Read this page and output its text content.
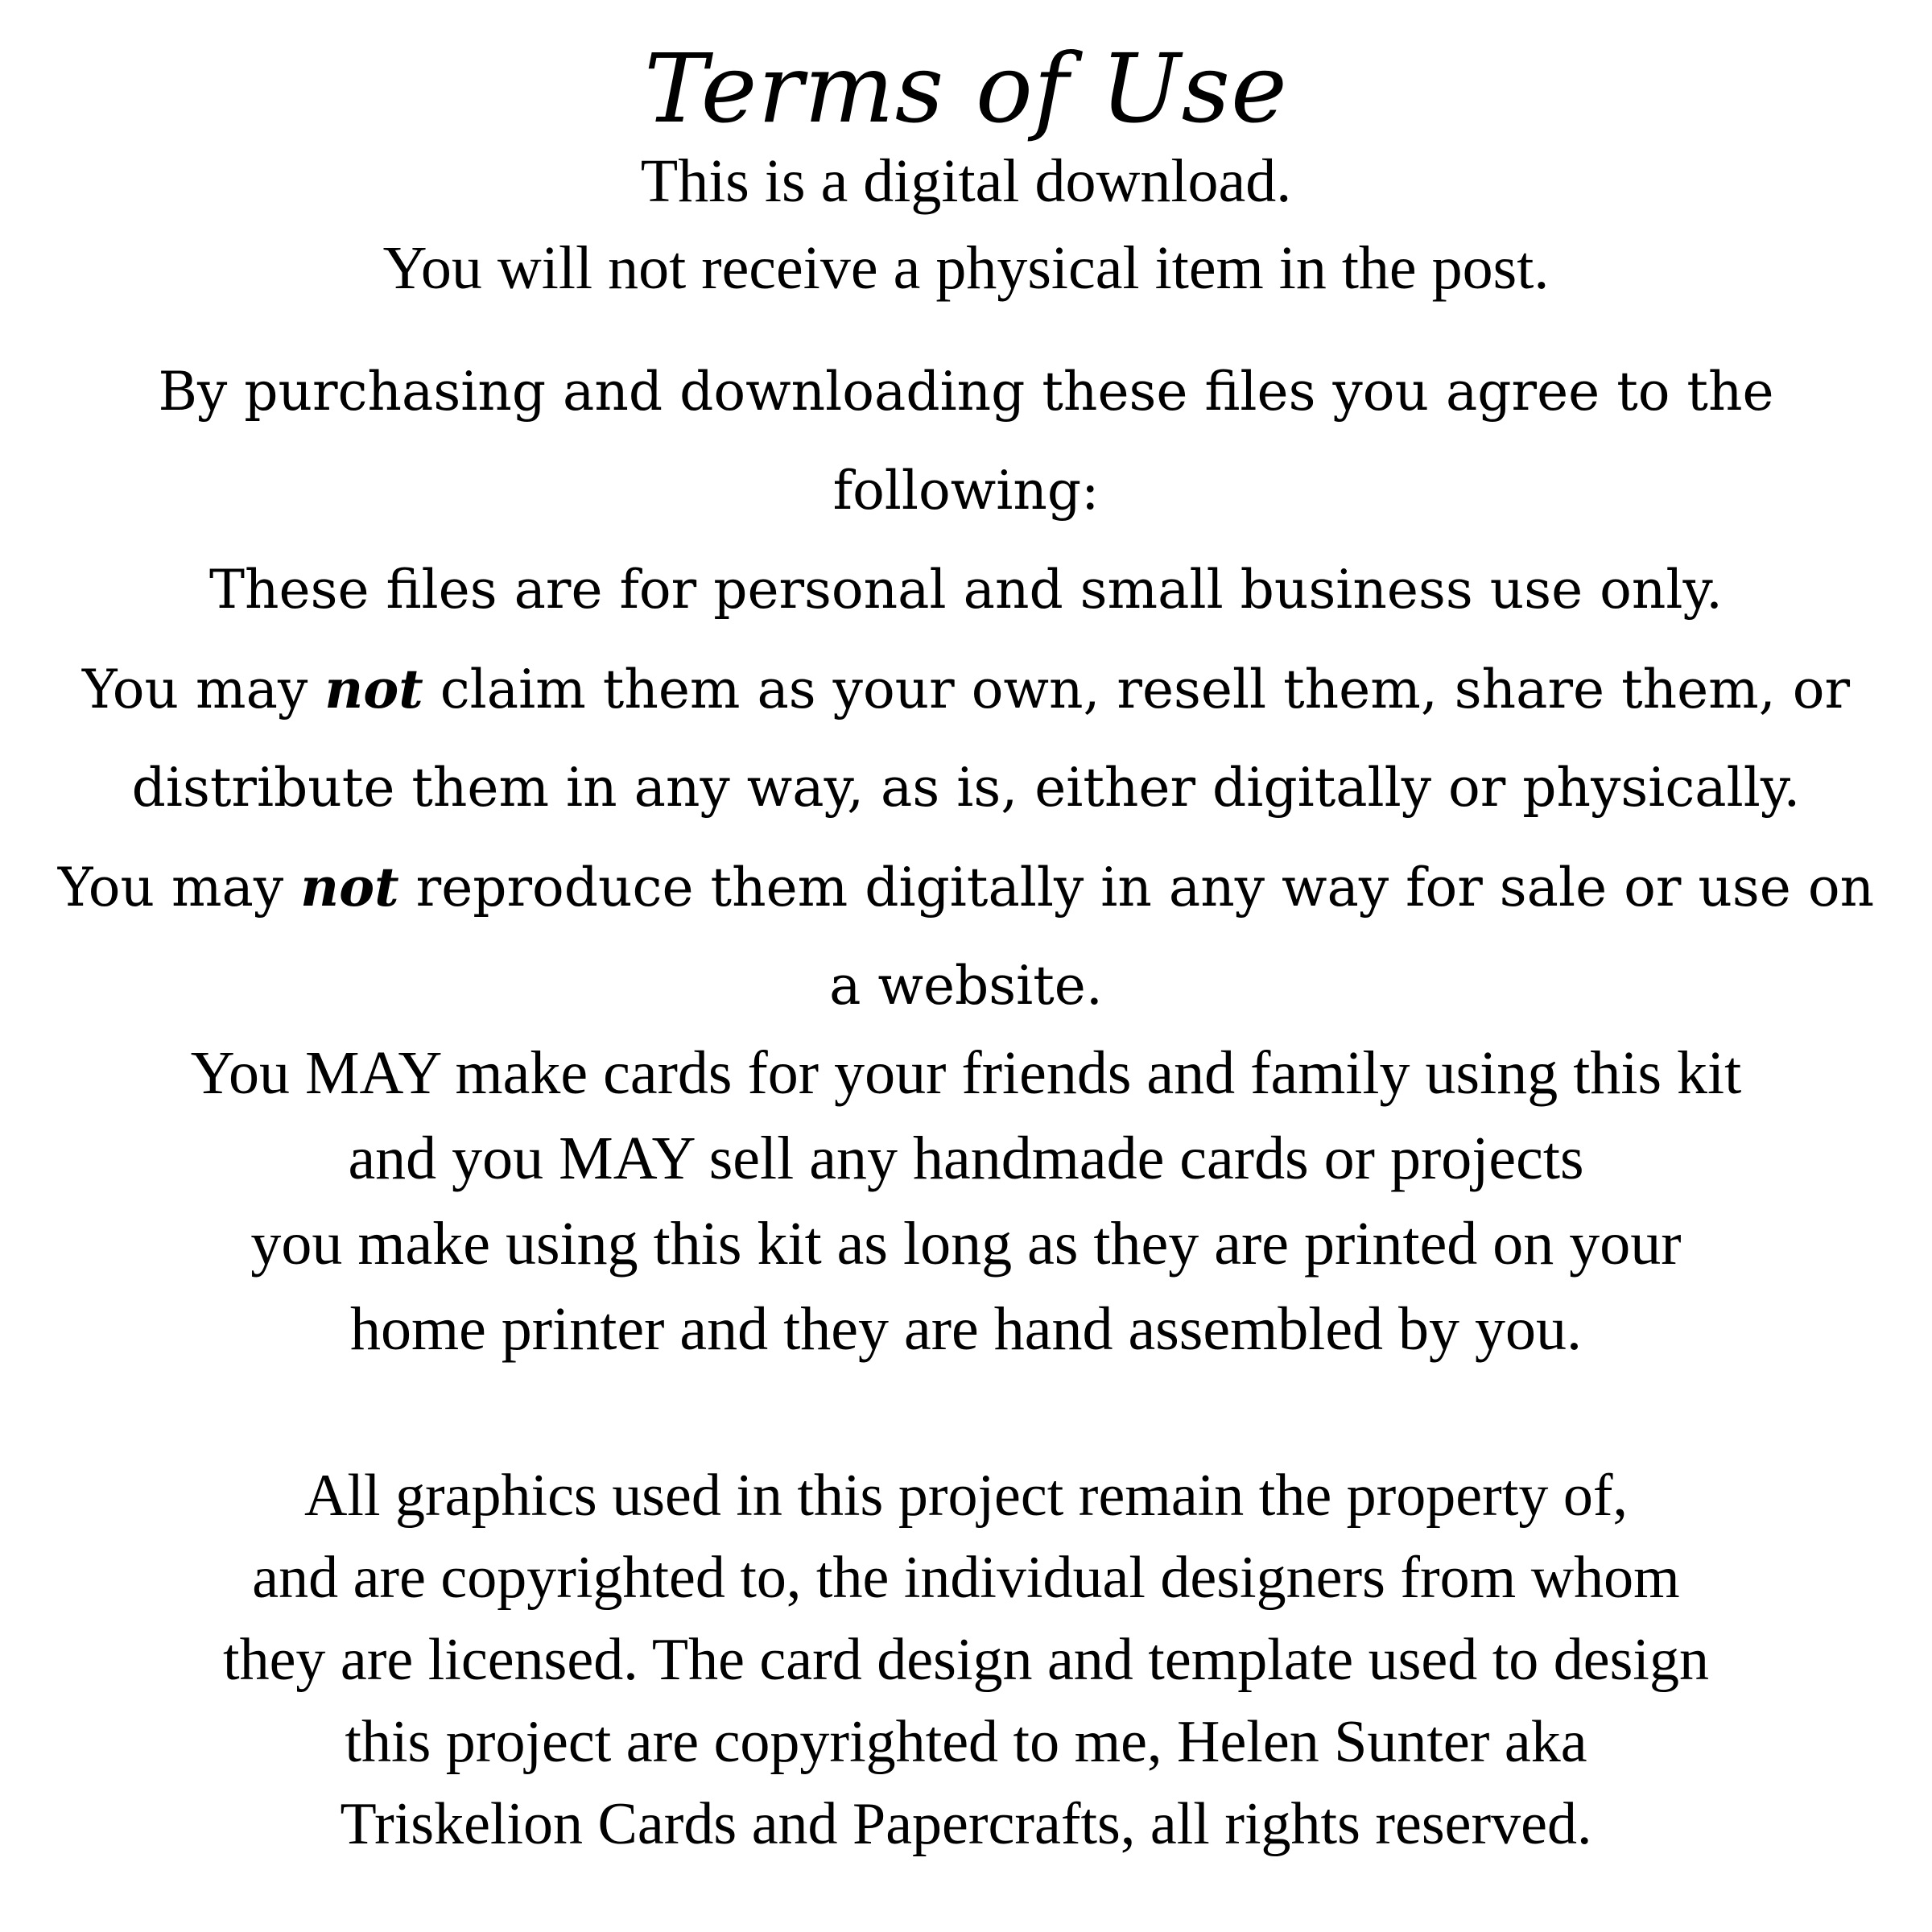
Terms of Use
This is a digital download.
You will not receive a physical item in the post.
By purchasing and downloading these files you agree to the
following:
These files are for personal and small business use only.
You may not claim them as your own, resell them, share them, or
distribute them in any way, as is, either digitally or physically.
You may not reproduce them digitally in any way for sale or use on
a website.
You MAY make cards for your friends and family using this kit
and you MAY sell any handmade cards or projects
you make using this kit as long as they are printed on your
home printer and they are hand assembled by you.
All graphics used in this project remain the property of,
and are copyrighted to, the individual designers from whom
they are licensed. The card design and template used to design
this project are copyrighted to me, Helen Sunter aka
Triskelion Cards and Papercrafts, all rights reserved.
